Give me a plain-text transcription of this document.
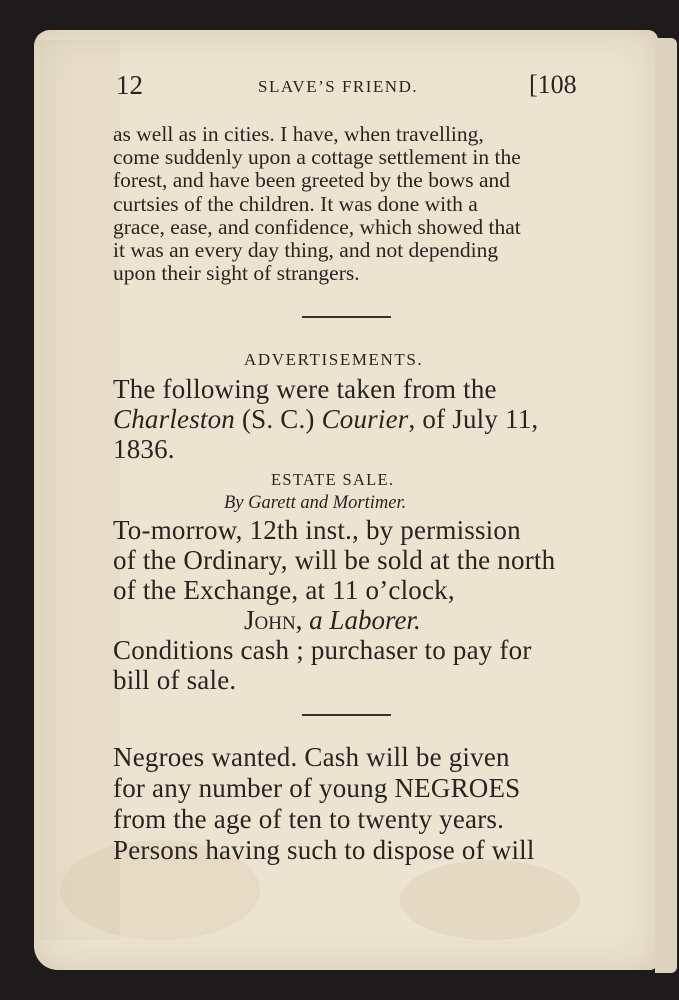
12	SLAVE’S FRIEND.	[108
as well as in cities. I have, when travelling,
come suddenly upon a cottage settlement in the
forest, and have been greeted by the bows and
curtsies of the children. It was done with a
grace, ease, and confidence, which showed that
it was an every day thing, and not depending
upon their sight of strangers.
ADVERTISEMENTS.
The following were taken from the
Charleston (S. C.) Courier, of July 11,
1836.
ESTATE SALE.
By Garett and Mortimer.
To-morrow, 12th inst., by permission
of the Ordinary, will be sold at the north
of the Exchange, at 11 o’clock,
John, a Laborer.
Conditions cash ; purchaser to pay for
bill of sale.
Negroes wanted. Cash will be given
for any number of young NEGROES
from the age of ten to twenty years.
Persons having such to dispose of will
